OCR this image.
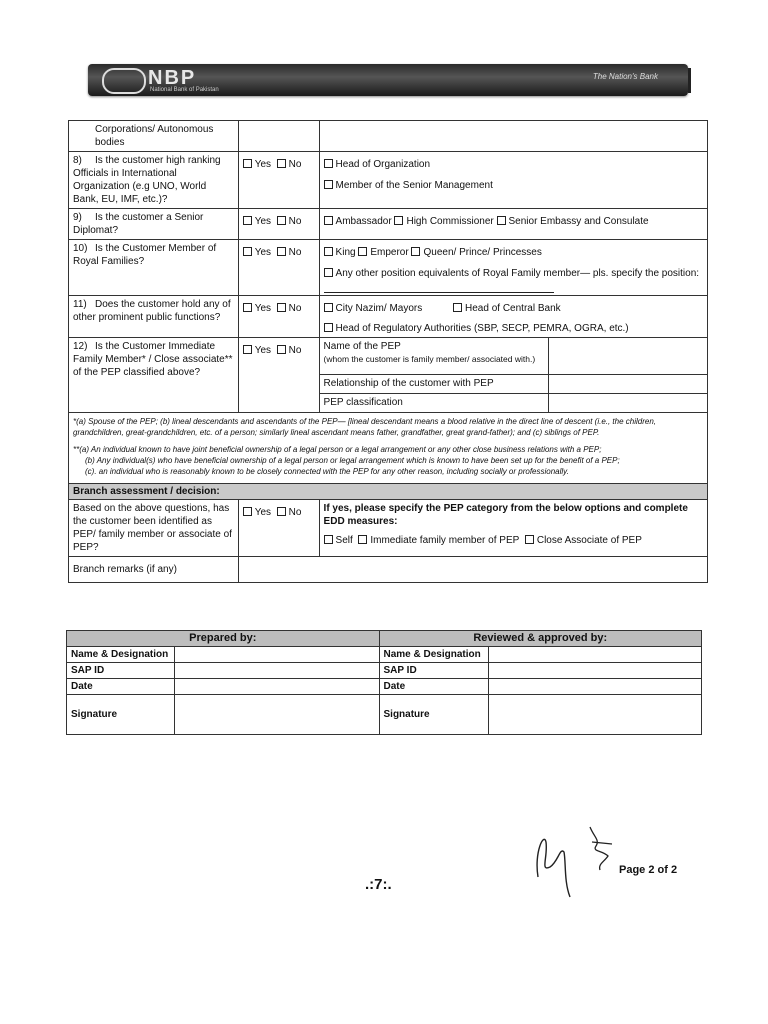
NBP
National Bank of Pakistan
The Nation's Bank
Corporations/ Autonomous bodies			

8) Is the customer high ranking Officials in International Organization (e.g UNO, World Bank, EU, IMF, etc.)?	Yes No	Head of Organization
Member of the Senior Management	

9) Is the customer a Senior Diplomat?	Yes No	Ambassador High Commissioner Senior Embassy and Consulate	
10) Is the Customer Member of Royal Families?	Yes No	King Emperor Queen/ Prince/ Princesses
Any other position equivalents of Royal Family member— pls. specify the position:	

11) Does the customer hold any of other prominent public functions?	Yes No	City Nazim/ Mayors Head of Central Bank
Head of Regulatory Authorities (SBP, SECP, PEMRA, OGRA, etc.)	

12) Is the Customer Immediate Family Member* / Close associate** of the PEP classified above?	Yes No	Name of the PEP
(whom the customer is family member/ associated with.)	

		Relationship of the customer with PEP	
		PEP classification	

*(a) Spouse of the PEP; (b) lineal descendants and ascendants of the PEP— [lineal descendant means a blood relative in the direct line of descent (i.e., the children, grandchildren, great-grandchildren, etc. of a person; similarly lineal ascendant means father, grandfather, great grand-father); and (c) siblings of PEP.
**(a) An individual known to have joint beneficial ownership of a legal person or a legal arrangement or any other close business relations with a PEP;
(b) Any individual(s) who have beneficial ownership of a legal person or legal arrangement which is known to have been set up for the benefit of a PEP;
(c). an individual who is reasonably known to be closely connected with the PEP for any other reason, including socially or professionally.			

Branch assessment / decision:			
Based on the above questions, has the customer been identified as PEP/ family member or associate of PEP?	Yes No	If yes, please specify the PEP category from the below options and complete EDD measures:
Self Immediate family member of PEP Close Associate of PEP	

Branch remarks (if any)			
Prepared by:		Reviewed & approved by:	
Name & Designation		Name & Designation	
SAP ID		SAP ID	
Date		Date	
Signature		Signature	
.:7:.
Page 2 of 2
